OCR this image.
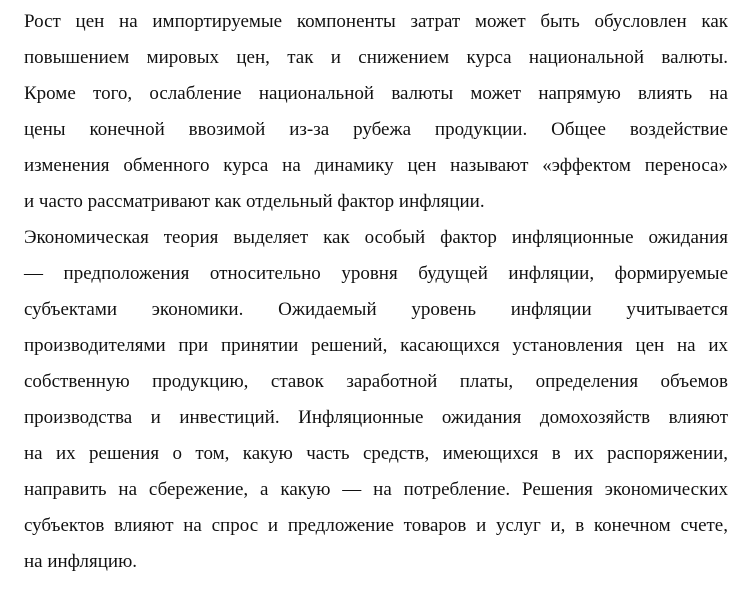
Рост цен на импортируемые компоненты затрат может быть обусловлен как
повышением мировых цен, так и снижением курса национальной валюты.
Кроме того, ослабление национальной валюты может напрямую влиять на
цены конечной ввозимой из-за рубежа продукции. Общее воздействие
изменения обменного курса на динамику цен называют «эффектом переноса»
и часто рассматривают как отдельный фактор инфляции.
Экономическая теория выделяет как особый фактор инфляционные ожидания
— предположения относительно уровня будущей инфляции, формируемые
субъектами экономики. Ожидаемый уровень инфляции учитывается
производителями при принятии решений, касающихся установления цен на их
собственную продукцию, ставок заработной платы, определения объемов
производства и инвестиций. Инфляционные ожидания домохозяйств влияют
на их решения о том, какую часть средств, имеющихся в их распоряжении,
направить на сбережение, а какую — на потребление. Решения экономических
субъектов влияют на спрос и предложение товаров и услуг и, в конечном счете,
на инфляцию.
